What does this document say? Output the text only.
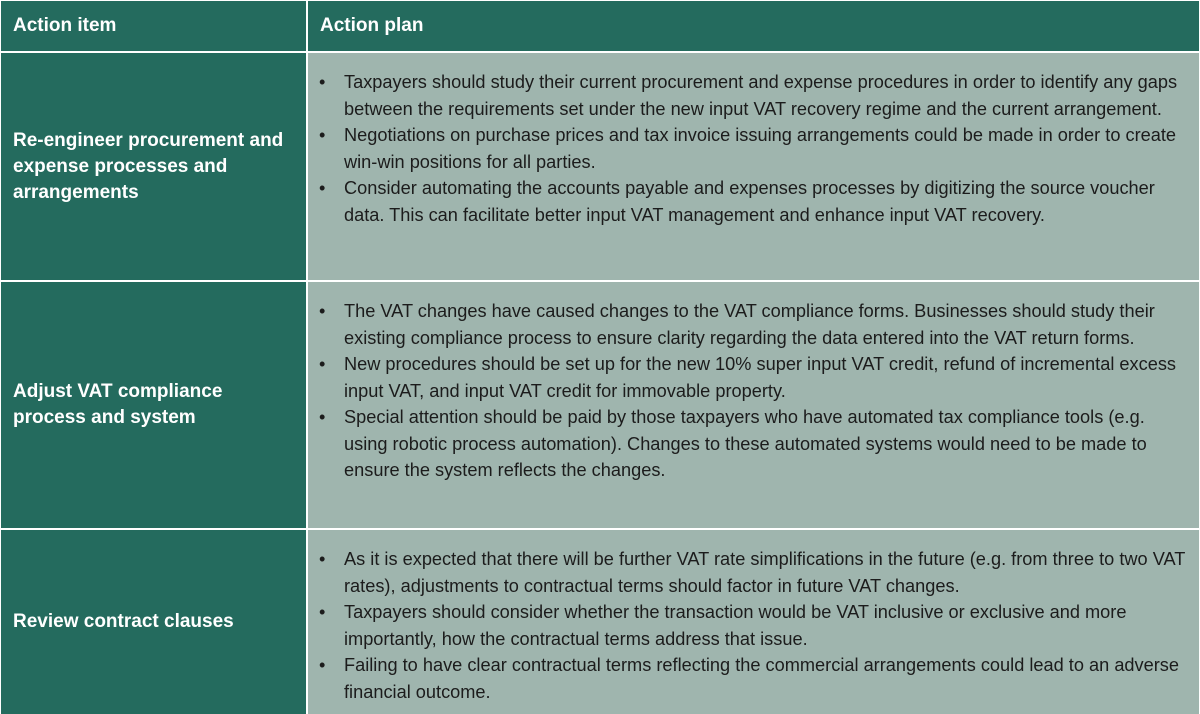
Action item	Action plan
Re-engineer procurement and expense processes and arrangements
• Taxpayers should study their current procurement and expense procedures in order to identify any gaps between the requirements set under the new input VAT recovery regime and the current arrangement.
• Negotiations on purchase prices and tax invoice issuing arrangements could be made in order to create win-win positions for all parties.
• Consider automating the accounts payable and expenses processes by digitizing the source voucher data. This can facilitate better input VAT management and enhance input VAT recovery.
Adjust VAT compliance process and system
• The VAT changes have caused changes to the VAT compliance forms. Businesses should study their existing compliance process to ensure clarity regarding the data entered into the VAT return forms.
• New procedures should be set up for the new 10% super input VAT credit, refund of incremental excess input VAT, and input VAT credit for immovable property.
• Special attention should be paid by those taxpayers who have automated tax compliance tools (e.g. using robotic process automation). Changes to these automated systems would need to be made to ensure the system reflects the changes.
Review contract clauses
• As it is expected that there will be further VAT rate simplifications in the future (e.g. from three to two VAT rates), adjustments to contractual terms should factor in future VAT changes.
• Taxpayers should consider whether the transaction would be VAT inclusive or exclusive and more importantly, how the contractual terms address that issue.
• Failing to have clear contractual terms reflecting the commercial arrangements could lead to an adverse financial outcome.
